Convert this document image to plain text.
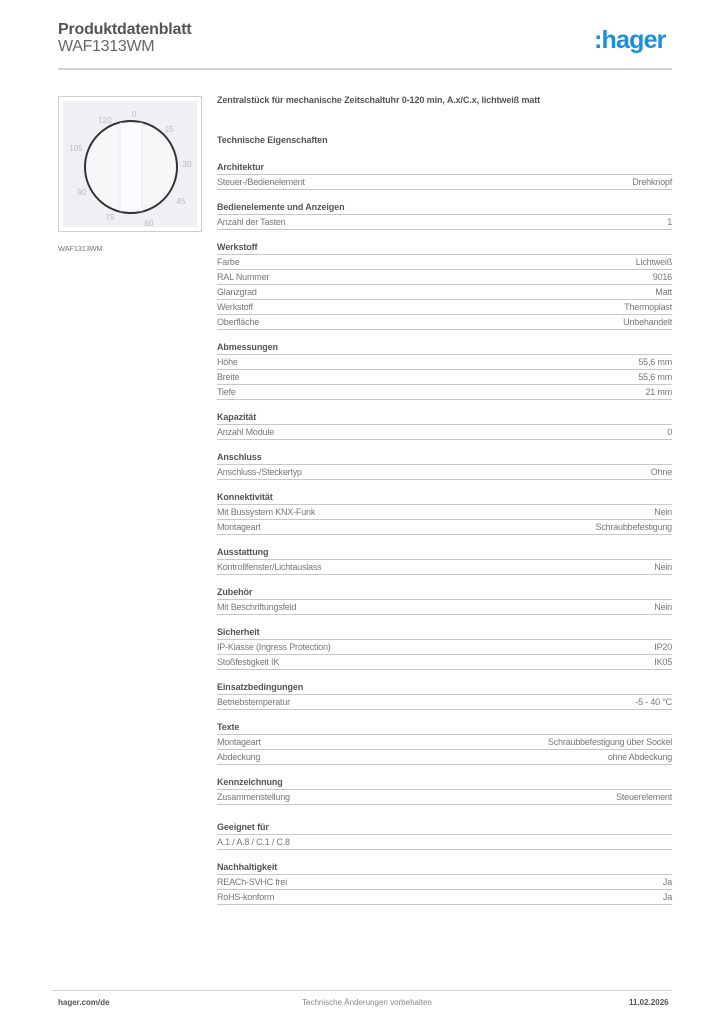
Produktdatenblatt
WAF1313WM	:hager
0
15
30
45
60
75
90
105
120
WAF1313WM
Zentralstück für mechanische Zeitschaltuhr 0-120 min, A.x/C.x, lichtweiß matt
Technische Eigenschaften
Architektur
Steuer-/Bedienelement	Drehknopf
Bedienelemente und Anzeigen
Anzahl der Tasten	1
Werkstoff
Farbe	Lichtweiß
RAL Nummer	9016
Glanzgrad	Matt
Werkstoff	Thermoplast
Oberfläche	Unbehandelt
Abmessungen
Höhe	55,6 mm
Breite	55,6 mm
Tiefe	21 mm
Kapazität
Anzahl Module	0
Anschluss
Anschluss-/Steckertyp	Ohne
Konnektivität
Mit Bussystem KNX-Funk	Nein
Montageart	Schraubbefestigung
Ausstattung
Kontrollfenster/Lichtauslass	Nein
Zubehör
Mit Beschriftungsfeld	Nein
Sicherheit
IP-Klasse (Ingress Protection)	IP20
Stoßfestigkeit IK	IK05
Einsatzbedingungen
Betriebstemperatur	-5 - 40 °C
Texte
Montageart	Schraubbefestigung über Sockel
Abdeckung	ohne Abdeckung
Kennzeichnung
Zusammenstellung	Steuerelement
Geeignet für
A.1 / A.8 / C.1 / C.8
Nachhaltigkeit
REACh-SVHC frei	Ja
RoHS-konform	Ja
hager.com/de	Technische Änderungen vorbehalten	11.02.2026
